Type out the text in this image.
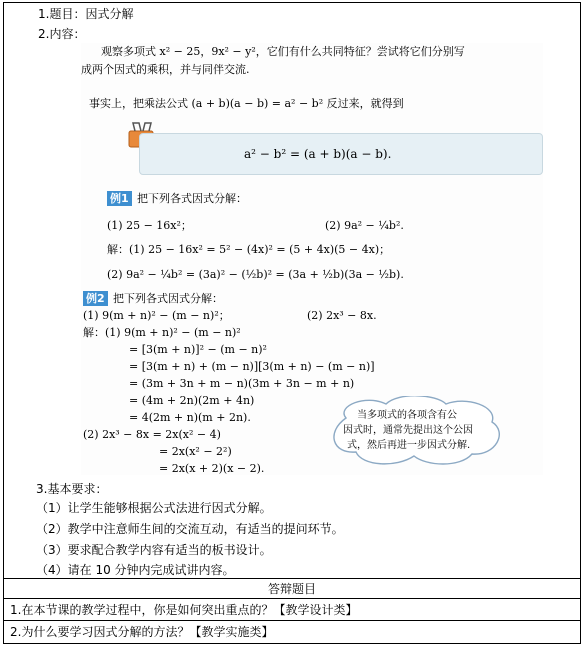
1.题目：因式分解
2.内容：
观察多项式 x² − 25，9x² − y²，它们有什么共同特征？尝试将它们分别写
成两个因式的乘积，并与同伴交流.
事实上，把乘法公式 (a + b)(a − b) = a² − b² 反过来，就得到
a² − b² = (a + b)(a − b).
例1 把下列各式因式分解：
(1) 25 − 16x²；	(2) 9a² − ¼b².
解：(1) 25 − 16x² = 5² − (4x)² = (5 + 4x)(5 − 4x)；
(2) 9a² − ¼b² = (3a)² − (½b)² = (3a + ½b)(3a − ½b).
例2 把下列各式因式分解：
(1) 9(m + n)² − (m − n)²；	(2) 2x³ − 8x.
解：(1) 9(m + n)² − (m − n)²
= [3(m + n)]² − (m − n)²
= [3(m + n) + (m − n)][3(m + n) − (m − n)]
= (3m + 3n + m − n)(3m + 3n − m + n)
= (4m + 2n)(2m + 4n)
= 4(2m + n)(m + 2n).
(2) 2x³ − 8x = 2x(x² − 4)
= 2x(x² − 2²)
= 2x(x + 2)(x − 2).
当多项式的各项含有公
因式时，通常先提出这个公因
式，然后再进一步因式分解.
3.基本要求：
（1）让学生能够根据公式法进行因式分解。
（2）教学中注意师生间的交流互动，有适当的提问环节。
（3）要求配合教学内容有适当的板书设计。
（4）请在 10 分钟内完成试讲内容。
答辩题目
1.在本节课的教学过程中，你是如何突出重点的？【教学设计类】
2.为什么要学习因式分解的方法？【教学实施类】
